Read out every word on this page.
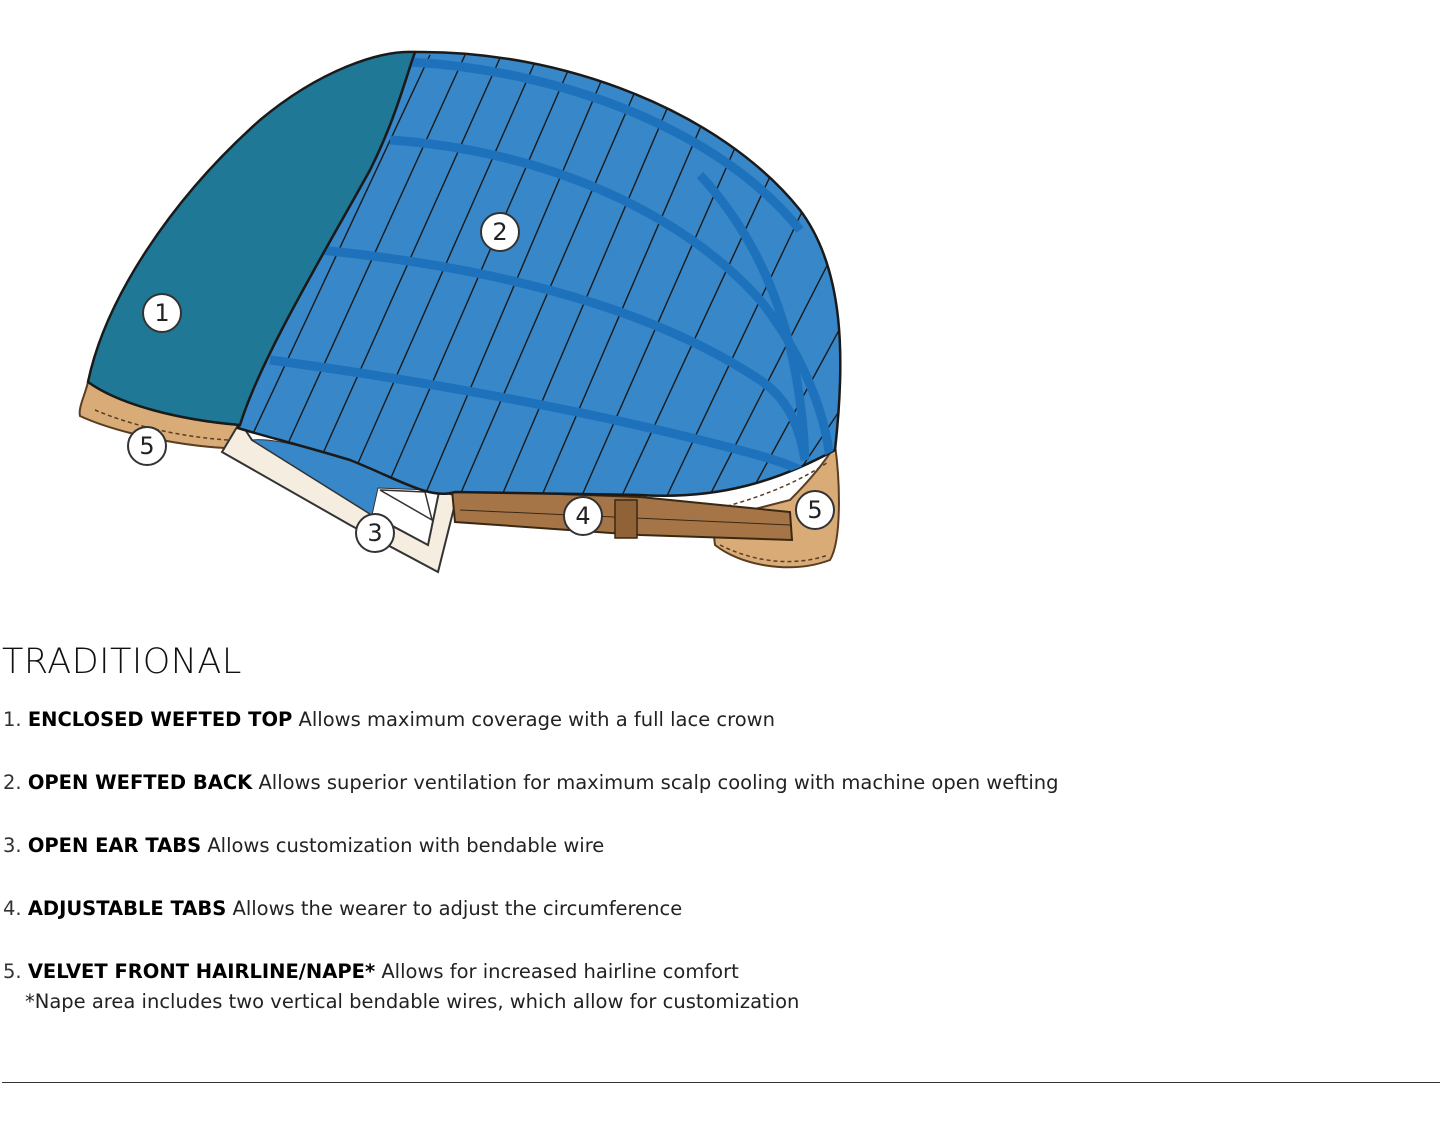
1
2
3
4
5
5
TRADITIONAL
1. ENCLOSED WEFTED TOP Allows maximum coverage with a full lace crown
2. OPEN WEFTED BACK Allows superior ventilation for maximum scalp cooling with machine open wefting
3. OPEN EAR TABS Allows customization with bendable wire
4. ADJUSTABLE TABS Allows the wearer to adjust the circumference
5. VELVET FRONT HAIRLINE/NAPE* Allows for increased hairline comfort
*Nape area includes two vertical bendable wires, which allow for customization
